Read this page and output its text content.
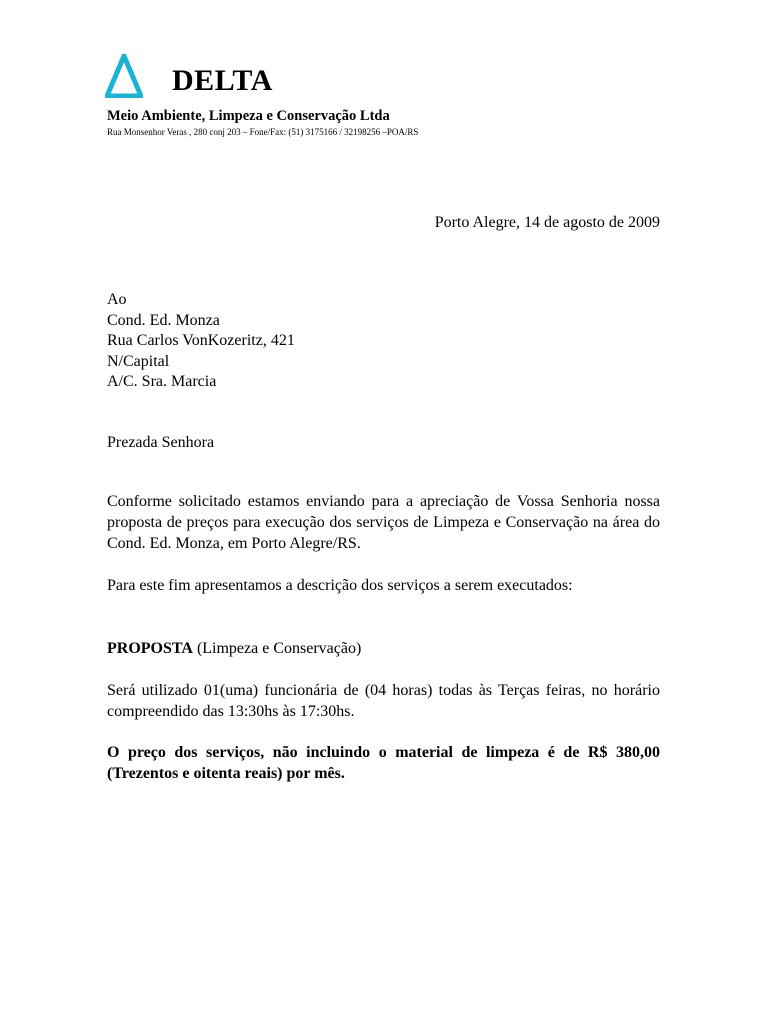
DELTA
Meio Ambiente, Limpeza e Conservação Ltda
Rua Monsenhor Veras , 280 conj 203 – Fone/Fax: (51) 3175166 / 32198256 –POA/RS
Porto Alegre, 14 de agosto de 2009
Ao
Cond. Ed. Monza
Rua Carlos VonKozeritz, 421
N/Capital
A/C. Sra. Marcia
Prezada Senhora
Conforme solicitado estamos enviando para a apreciação de Vossa Senhoria nossa proposta de preços para execução dos serviços de Limpeza e Conservação na área do Cond. Ed. Monza, em Porto Alegre/RS.
Para este fim apresentamos a descrição dos serviços a serem executados:
PROPOSTA (Limpeza e Conservação)
Será utilizado 01(uma) funcionária de (04 horas) todas às Terças feiras, no horário compreendido das 13:30hs às 17:30hs.
O preço dos serviços, não incluindo o material de limpeza é de R$ 380,00 (Trezentos e oitenta reais) por mês.
